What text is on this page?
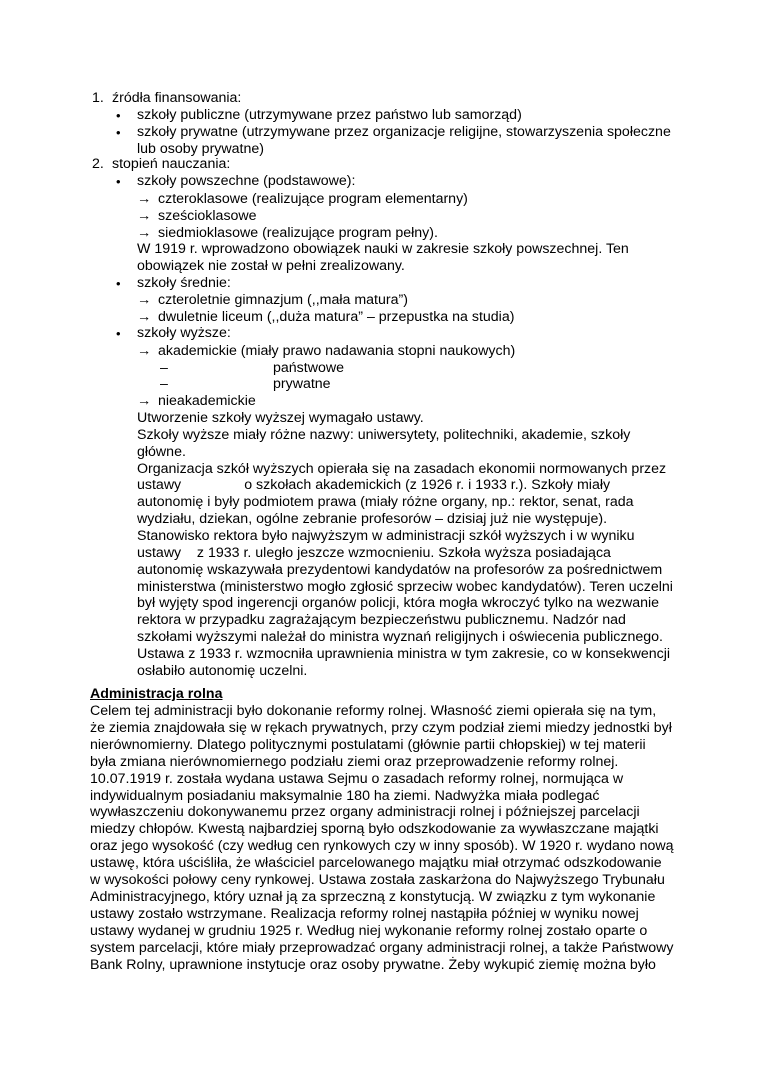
1. źródła finansowania:
• szkoły publiczne (utrzymywane przez państwo lub samorząd)
• szkoły prywatne (utrzymywane przez organizacje religijne, stowarzyszenia społeczne
lub osoby prywatne)
2. stopień nauczania:
• szkoły powszechne (podstawowe):
→ czteroklasowe (realizujące program elementarny)
→ sześcioklasowe
→ siedmioklasowe (realizujące program pełny).
W 1919 r. wprowadzono obowiązek nauki w zakresie szkoły powszechnej. Ten
obowiązek nie został w pełni zrealizowany.
• szkoły średnie:
→ czteroletnie gimnazjum (,,mała matura”)
→ dwuletnie liceum (,,duża matura” – przepustka na studia)
• szkoły wyższe:
→ akademickie (miały prawo nadawania stopni naukowych)
–	państwowe
–	prywatne
→ nieakademickie
Utworzenie szkoły wyższej wymagało ustawy.
Szkoły wyższe miały różne nazwy: uniwersytety, politechniki, akademie, szkoły
główne.
Organizacja szkół wyższych opierała się na zasadach ekonomii normowanych przez
ustawy                o szkołach akademickich (z 1926 r. i 1933 r.). Szkoły miały
autonomię i były podmiotem prawa (miały różne organy, np.: rektor, senat, rada
wydziału, dziekan, ogólne zebranie profesorów – dzisiaj już nie występuje).
Stanowisko rektora było najwyższym w administracji szkół wyższych i w wyniku
ustawy    z 1933 r. uległo jeszcze wzmocnieniu. Szkoła wyższa posiadająca
autonomię wskazywała prezydentowi kandydatów na profesorów za pośrednictwem
ministerstwa (ministerstwo mogło zgłosić sprzeciw wobec kandydatów). Teren uczelni
był wyjęty spod ingerencji organów policji, która mogła wkroczyć tylko na wezwanie
rektora w przypadku zagrażającym bezpieczeństwu publicznemu. Nadzór nad
szkołami wyższymi należał do ministra wyznań religijnych i oświecenia publicznego.
Ustawa z 1933 r. wzmocniła uprawnienia ministra w tym zakresie, co w konsekwencji
osłabiło autonomię uczelni.
Administracja rolna
Celem tej administracji było dokonanie reformy rolnej. Własność ziemi opierała się na tym,
że ziemia znajdowała się w rękach prywatnych, przy czym podział ziemi miedzy jednostki był
nierównomierny. Dlatego politycznymi postulatami (głównie partii chłopskiej) w tej materii
była zmiana nierównomiernego podziału ziemi oraz przeprowadzenie reformy rolnej.
10.07.1919 r. została wydana ustawa Sejmu o zasadach reformy rolnej, normująca w
indywidualnym posiadaniu maksymalnie 180 ha ziemi. Nadwyżka miała podlegać
wywłaszczeniu dokonywanemu przez organy administracji rolnej i późniejszej parcelacji
miedzy chłopów. Kwestą najbardziej sporną było odszkodowanie za wywłaszczane majątki
oraz jego wysokość (czy według cen rynkowych czy w inny sposób). W 1920 r. wydano nową
ustawę, która uściśliła, że właściciel parcelowanego majątku miał otrzymać odszkodowanie
w wysokości połowy ceny rynkowej. Ustawa została zaskarżona do Najwyższego Trybunału
Administracyjnego, który uznał ją za sprzeczną z konstytucją. W związku z tym wykonanie
ustawy zostało wstrzymane. Realizacja reformy rolnej nastąpiła później w wyniku nowej
ustawy wydanej w grudniu 1925 r. Według niej wykonanie reformy rolnej zostało oparte o
system parcelacji, które miały przeprowadzać organy administracji rolnej, a także Państwowy
Bank Rolny, uprawnione instytucje oraz osoby prywatne. Żeby wykupić ziemię można było
